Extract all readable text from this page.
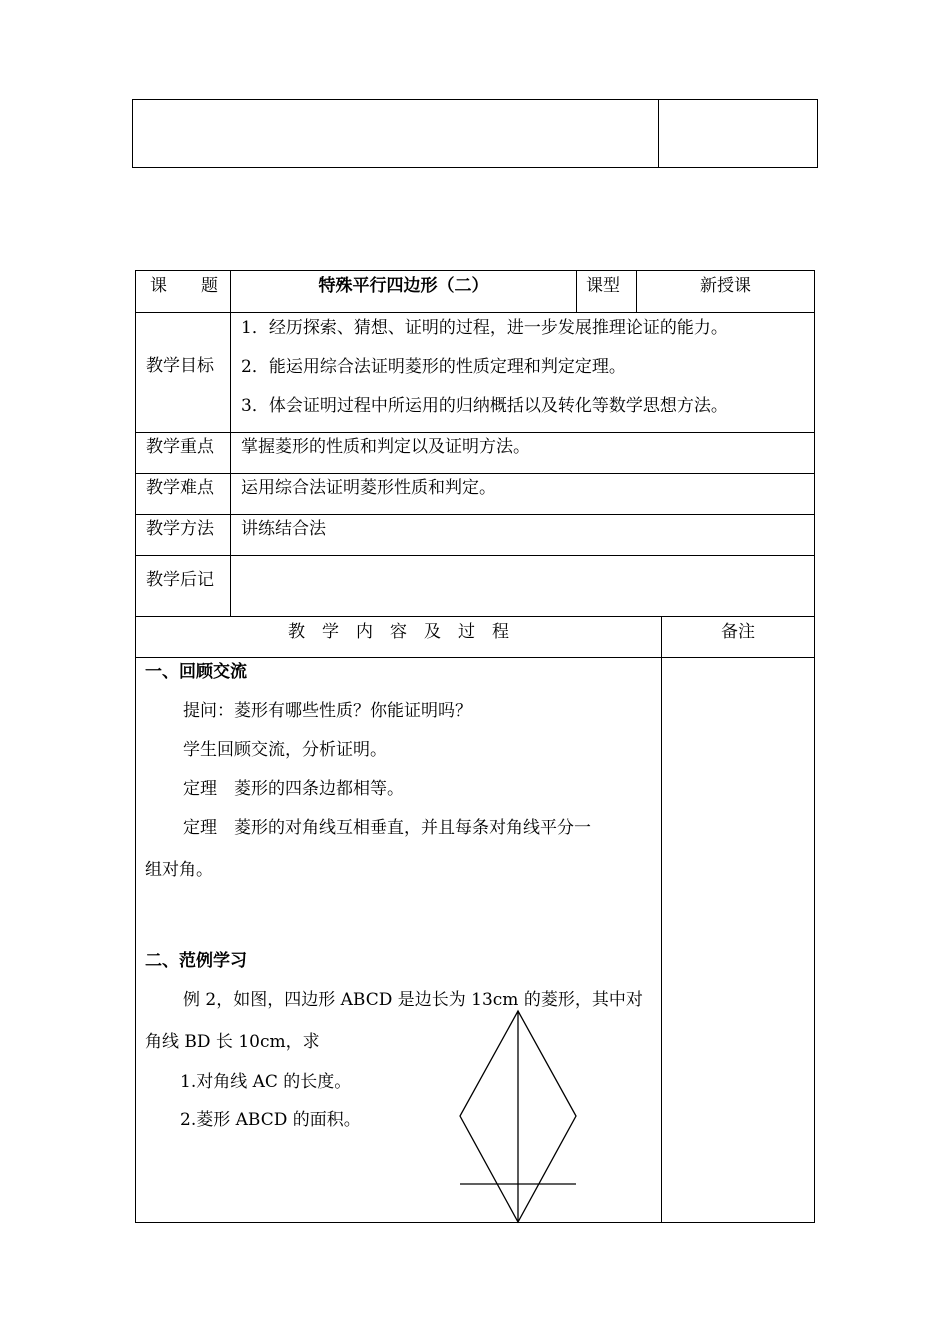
课　　题	特殊平行四边形（二）	课型	新授课
教学目标
1．经历探索、猜想、证明的过程，进一步发展推理论证的能力。
2．能运用综合法证明菱形的性质定理和判定定理。
3．体会证明过程中所运用的归纳概括以及转化等数学思想方法。
教学重点 掌握菱形的性质和判定以及证明方法。
教学难点 运用综合法证明菱形性质和判定。
教学方法 讲练结合法
教学后记
教　学　内　容　及　过　程	备注
一、回顾交流
提问：菱形有哪些性质？你能证明吗？
学生回顾交流，分析证明。
定理　菱形的四条边都相等。
定理　菱形的对角线互相垂直，并且每条对角线平分一
组对角。
二、范例学习
例 2，如图，四边形 ABCD 是边长为 13cm 的菱形，其中对
角线 BD 长 10cm，求
1.对角线 AC 的长度。
2.菱形 ABCD 的面积。
